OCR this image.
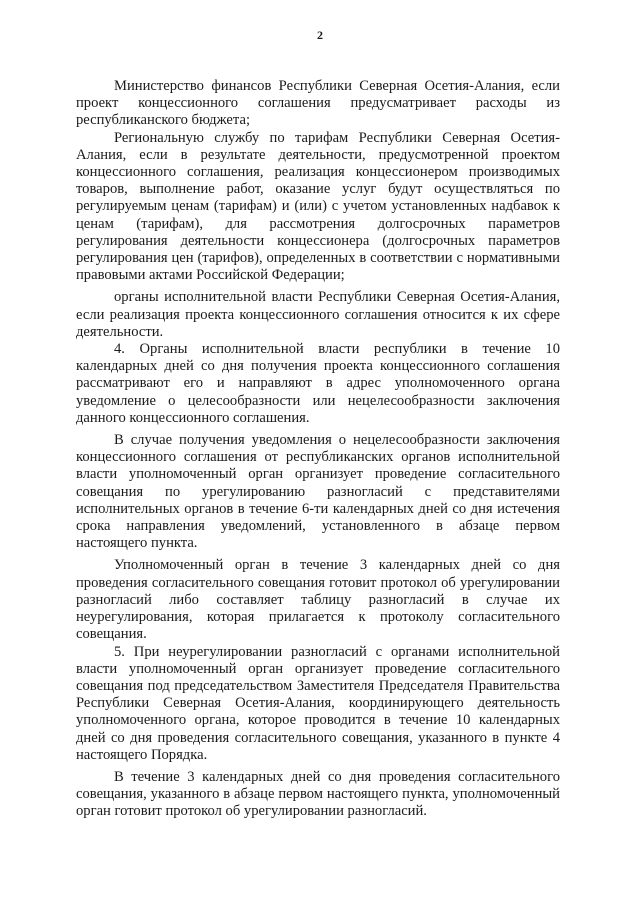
2

Министерство финансов Республики Северная Осетия-Алания, если проект концессионного соглашения предусматривает расходы из республиканского бюджета;

Региональную службу по тарифам Республики Северная Осетия-Алания, если в результате деятельности, предусмотренной проектом концессионного соглашения, реализация концессионером производимых товаров, выполнение работ, оказание услуг будут осуществляться по регулируемым ценам (тарифам) и (или) с учетом установленных надбавок к ценам (тарифам), для рассмотрения долгосрочных параметров регулирования деятельности концессионера (долгосрочных параметров регулирования цен (тарифов), определенных в соответствии с нормативными правовыми актами Российской Федерации;

органы исполнительной власти Республики Северная Осетия-Алания, если реализация проекта концессионного соглашения относится к их сфере деятельности.

4. Органы исполнительной власти республики в течение 10 календарных дней со дня получения проекта концессионного соглашения рассматривают его и направляют в адрес уполномоченного органа уведомление о целесообразности или нецелесообразности заключения данного концессионного соглашения.

В случае получения уведомления о нецелесообразности заключения концессионного соглашения от республиканских органов исполнительной власти уполномоченный орган организует проведение согласительного совещания по урегулированию разногласий с представителями исполнительных органов в течение 6-ти календарных дней со дня истечения срока направления уведомлений, установленного в абзаце первом настоящего пункта.

Уполномоченный орган в течение 3 календарных дней со дня проведения согласительного совещания готовит протокол об урегулировании разногласий либо составляет таблицу разногласий в случае их неурегулирования, которая прилагается к протоколу согласительного совещания.

5. При неурегулировании разногласий с органами исполнительной власти уполномоченный орган организует проведение согласительного совещания под председательством Заместителя Председателя Правительства Республики Северная Осетия-Алания, координирующего деятельность уполномоченного органа, которое проводится в течение 10 календарных дней со дня проведения согласительного совещания, указанного в пункте 4 настоящего Порядка.

В течение 3 календарных дней со дня проведения согласительного совещания, указанного в абзаце первом настоящего пункта, уполномоченный орган готовит протокол об урегулировании разногласий.
